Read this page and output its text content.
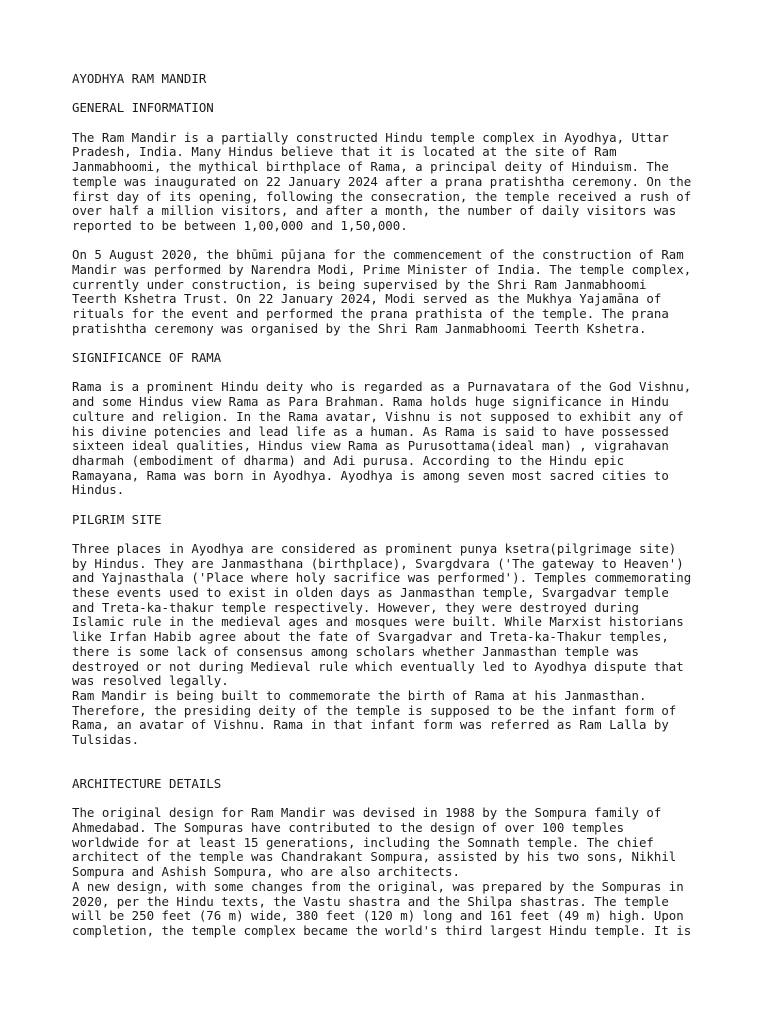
AYODHYA RAM MANDIR
GENERAL INFORMATION
The Ram Mandir is a partially constructed Hindu temple complex in Ayodhya, Uttar
Pradesh, India. Many Hindus believe that it is located at the site of Ram
Janmabhoomi, the mythical birthplace of Rama, a principal deity of Hinduism. The
temple was inaugurated on 22 January 2024 after a prana pratishtha ceremony. On the
first day of its opening, following the consecration, the temple received a rush of
over half a million visitors, and after a month, the number of daily visitors was
reported to be between 1,00,000 and 1,50,000.
On 5 August 2020, the bhūmi pūjana for the commencement of the construction of Ram
Mandir was performed by Narendra Modi, Prime Minister of India. The temple complex,
currently under construction, is being supervised by the Shri Ram Janmabhoomi
Teerth Kshetra Trust. On 22 January 2024, Modi served as the Mukhya Yajamāna of
rituals for the event and performed the prana prathista of the temple. The prana
pratishtha ceremony was organised by the Shri Ram Janmabhoomi Teerth Kshetra.
SIGNIFICANCE OF RAMA
Rama is a prominent Hindu deity who is regarded as a Purnavatara of the God Vishnu,
and some Hindus view Rama as Para Brahman. Rama holds huge significance in Hindu
culture and religion. In the Rama avatar, Vishnu is not supposed to exhibit any of
his divine potencies and lead life as a human. As Rama is said to have possessed
sixteen ideal qualities, Hindus view Rama as Purusottama(ideal man) , vigrahavan
dharmah (embodiment of dharma) and Adi purusa. According to the Hindu epic
Ramayana, Rama was born in Ayodhya. Ayodhya is among seven most sacred cities to
Hindus.
PILGRIM SITE
Three places in Ayodhya are considered as prominent punya ksetra(pilgrimage site)
by Hindus. They are Janmasthana (birthplace), Svargdvara ('The gateway to Heaven')
and Yajnasthala ('Place where holy sacrifice was performed'). Temples commemorating
these events used to exist in olden days as Janmasthan temple, Svargadvar temple
and Treta-ka-thakur temple respectively. However, they were destroyed during
Islamic rule in the medieval ages and mosques were built. While Marxist historians
like Irfan Habib agree about the fate of Svargadvar and Treta-ka-Thakur temples,
there is some lack of consensus among scholars whether Janmasthan temple was
destroyed or not during Medieval rule which eventually led to Ayodhya dispute that
was resolved legally.
Ram Mandir is being built to commemorate the birth of Rama at his Janmasthan.
Therefore, the presiding deity of the temple is supposed to be the infant form of
Rama, an avatar of Vishnu. Rama in that infant form was referred as Ram Lalla by
Tulsidas.
ARCHITECTURE DETAILS
The original design for Ram Mandir was devised in 1988 by the Sompura family of
Ahmedabad. The Sompuras have contributed to the design of over 100 temples
worldwide for at least 15 generations, including the Somnath temple. The chief
architect of the temple was Chandrakant Sompura, assisted by his two sons, Nikhil
Sompura and Ashish Sompura, who are also architects.
A new design, with some changes from the original, was prepared by the Sompuras in
2020, per the Hindu texts, the Vastu shastra and the Shilpa shastras. The temple
will be 250 feet (76 m) wide, 380 feet (120 m) long and 161 feet (49 m) high. Upon
completion, the temple complex became the world's third largest Hindu temple. It is
